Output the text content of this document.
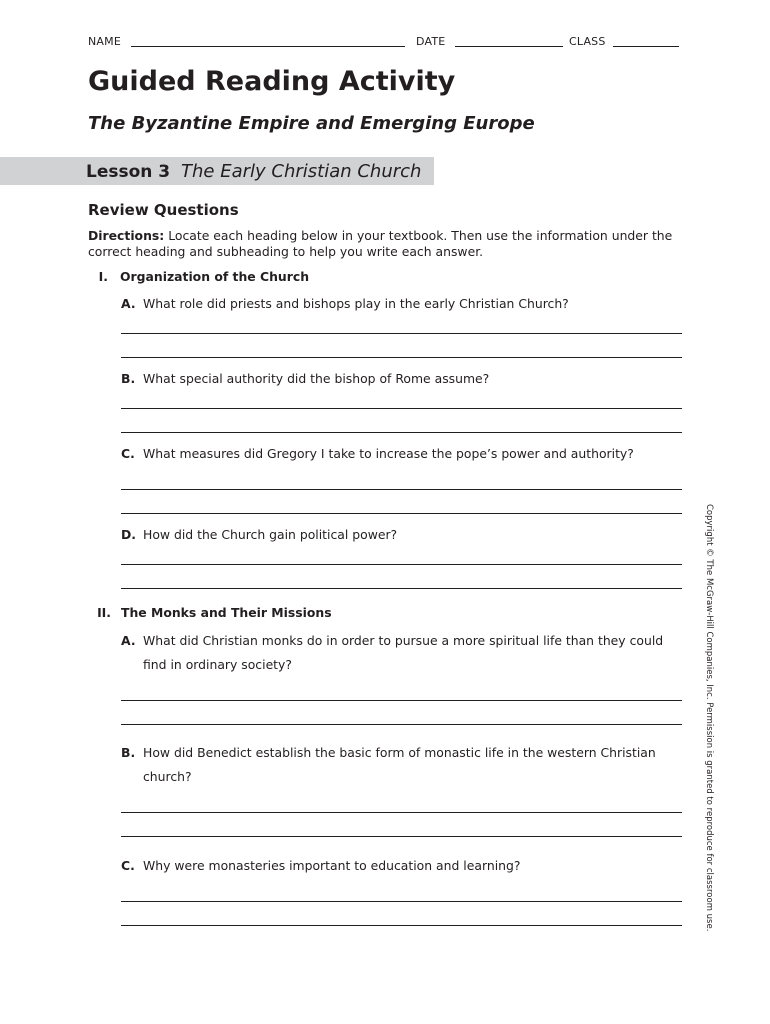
NAME	DATE	CLASS
Guided Reading Activity
The Byzantine Empire and Emerging Europe
Lesson 3 The Early Christian Church
Review Questions
Directions: Locate each heading below in your textbook. Then use the information under the correct heading and subheading to help you write each answer.
I. Organization of the Church
A. What role did priests and bishops play in the early Christian Church?
B. What special authority did the bishop of Rome assume?
C. What measures did Gregory I take to increase the pope’s power and authority?
D. How did the Church gain political power?
II. The Monks and Their Missions
A. What did Christian monks do in order to pursue a more spiritual life than they could find in ordinary society?
B. How did Benedict establish the basic form of monastic life in the western Christian church?
C. Why were monasteries important to education and learning?	Copyright © The McGraw-Hill Companies, Inc. Permission is granted to reproduce for classroom use.
